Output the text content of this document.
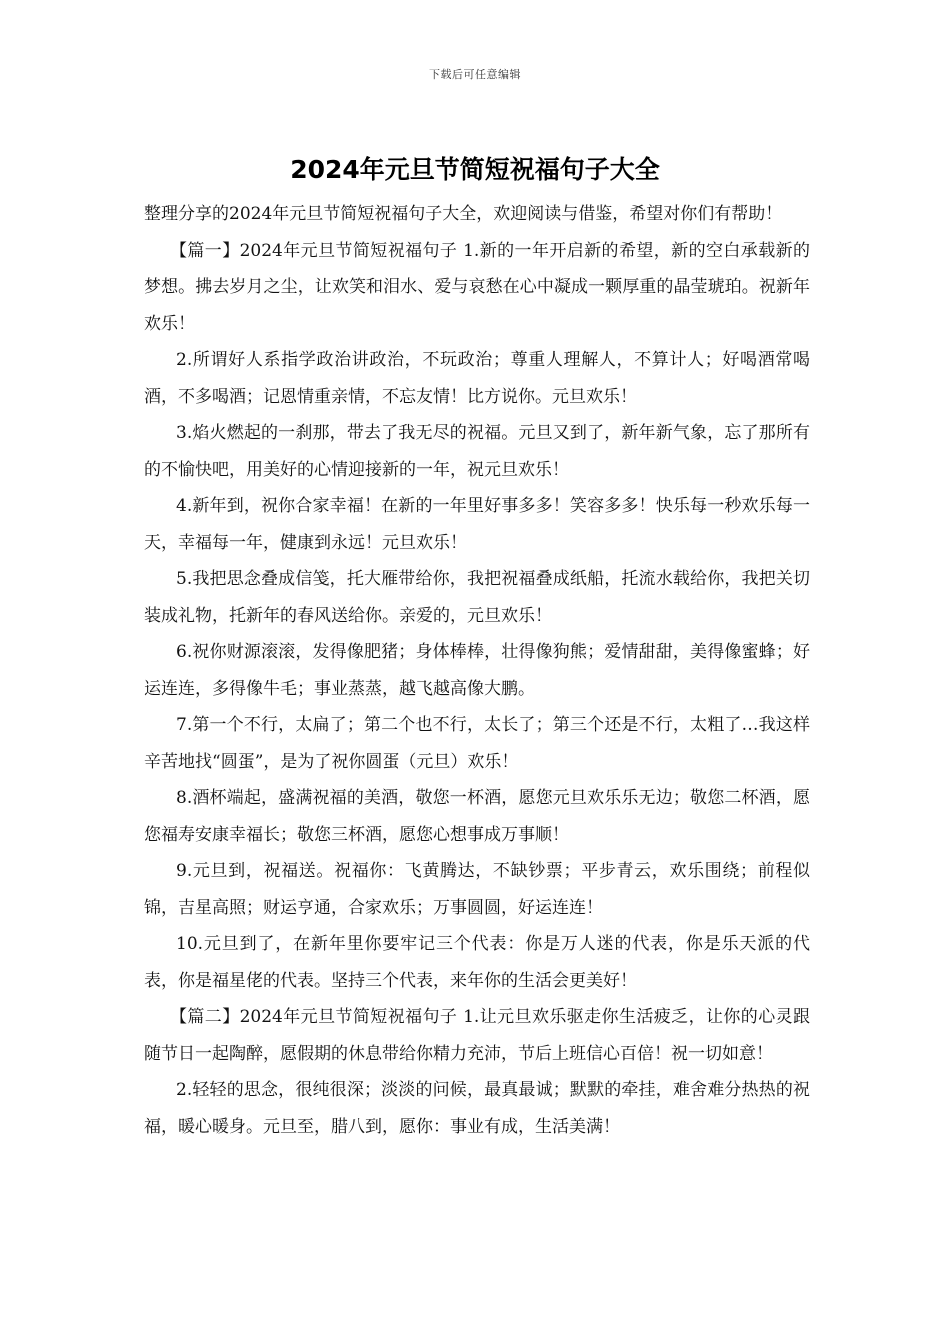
下载后可任意编辑
2024年元旦节简短祝福句子大全

整理分享的2024年元旦节简短祝福句子大全，欢迎阅读与借鉴，希望对你们有帮助！

【篇一】2024年元旦节简短祝福句子 1.新的一年开启新的希望，新的空白承载新的梦想。拂去岁月之尘，让欢笑和泪水、爱与哀愁在心中凝成一颗厚重的晶莹琥珀。祝新年欢乐！

2.所谓好人系指学政治讲政治，不玩政治；尊重人理解人，不算计人；好喝酒常喝酒，不多喝酒；记恩情重亲情，不忘友情！比方说你。元旦欢乐！

3.焰火燃起的一刹那，带去了我无尽的祝福。元旦又到了，新年新气象，忘了那所有的不愉快吧，用美好的心情迎接新的一年，祝元旦欢乐！

4.新年到，祝你合家幸福！在新的一年里好事多多！笑容多多！快乐每一秒欢乐每一天，幸福每一年，健康到永远！元旦欢乐！

5.我把思念叠成信笺，托大雁带给你，我把祝福叠成纸船，托流水载给你，我把关切装成礼物，托新年的春风送给你。亲爱的，元旦欢乐！

6.祝你财源滚滚，发得像肥猪；身体棒棒，壮得像狗熊；爱情甜甜，美得像蜜蜂；好运连连，多得像牛毛；事业蒸蒸，越飞越高像大鹏。

7.第一个不行，太扁了；第二个也不行，太长了；第三个还是不行，太粗了…我这样辛苦地找“圆蛋”，是为了祝你圆蛋（元旦）欢乐！

8.酒杯端起，盛满祝福的美酒，敬您一杯酒，愿您元旦欢乐乐无边；敬您二杯酒，愿您福寿安康幸福长；敬您三杯酒，愿您心想事成万事顺！

9.元旦到，祝福送。祝福你：飞黄腾达，不缺钞票；平步青云，欢乐围绕；前程似锦，吉星高照；财运亨通，合家欢乐；万事圆圆，好运连连！

10.元旦到了，在新年里你要牢记三个代表：你是万人迷的代表，你是乐天派的代表，你是福星佬的代表。坚持三个代表，来年你的生活会更美好！

【篇二】2024年元旦节简短祝福句子 1.让元旦欢乐驱走你生活疲乏，让你的心灵跟随节日一起陶醉，愿假期的休息带给你精力充沛，节后上班信心百倍！祝一切如意！

2.轻轻的思念，很纯很深；淡淡的问候，最真最诚；默默的牵挂，难舍难分热热的祝福，暖心暖身。元旦至，腊八到，愿你：事业有成，生活美满！
